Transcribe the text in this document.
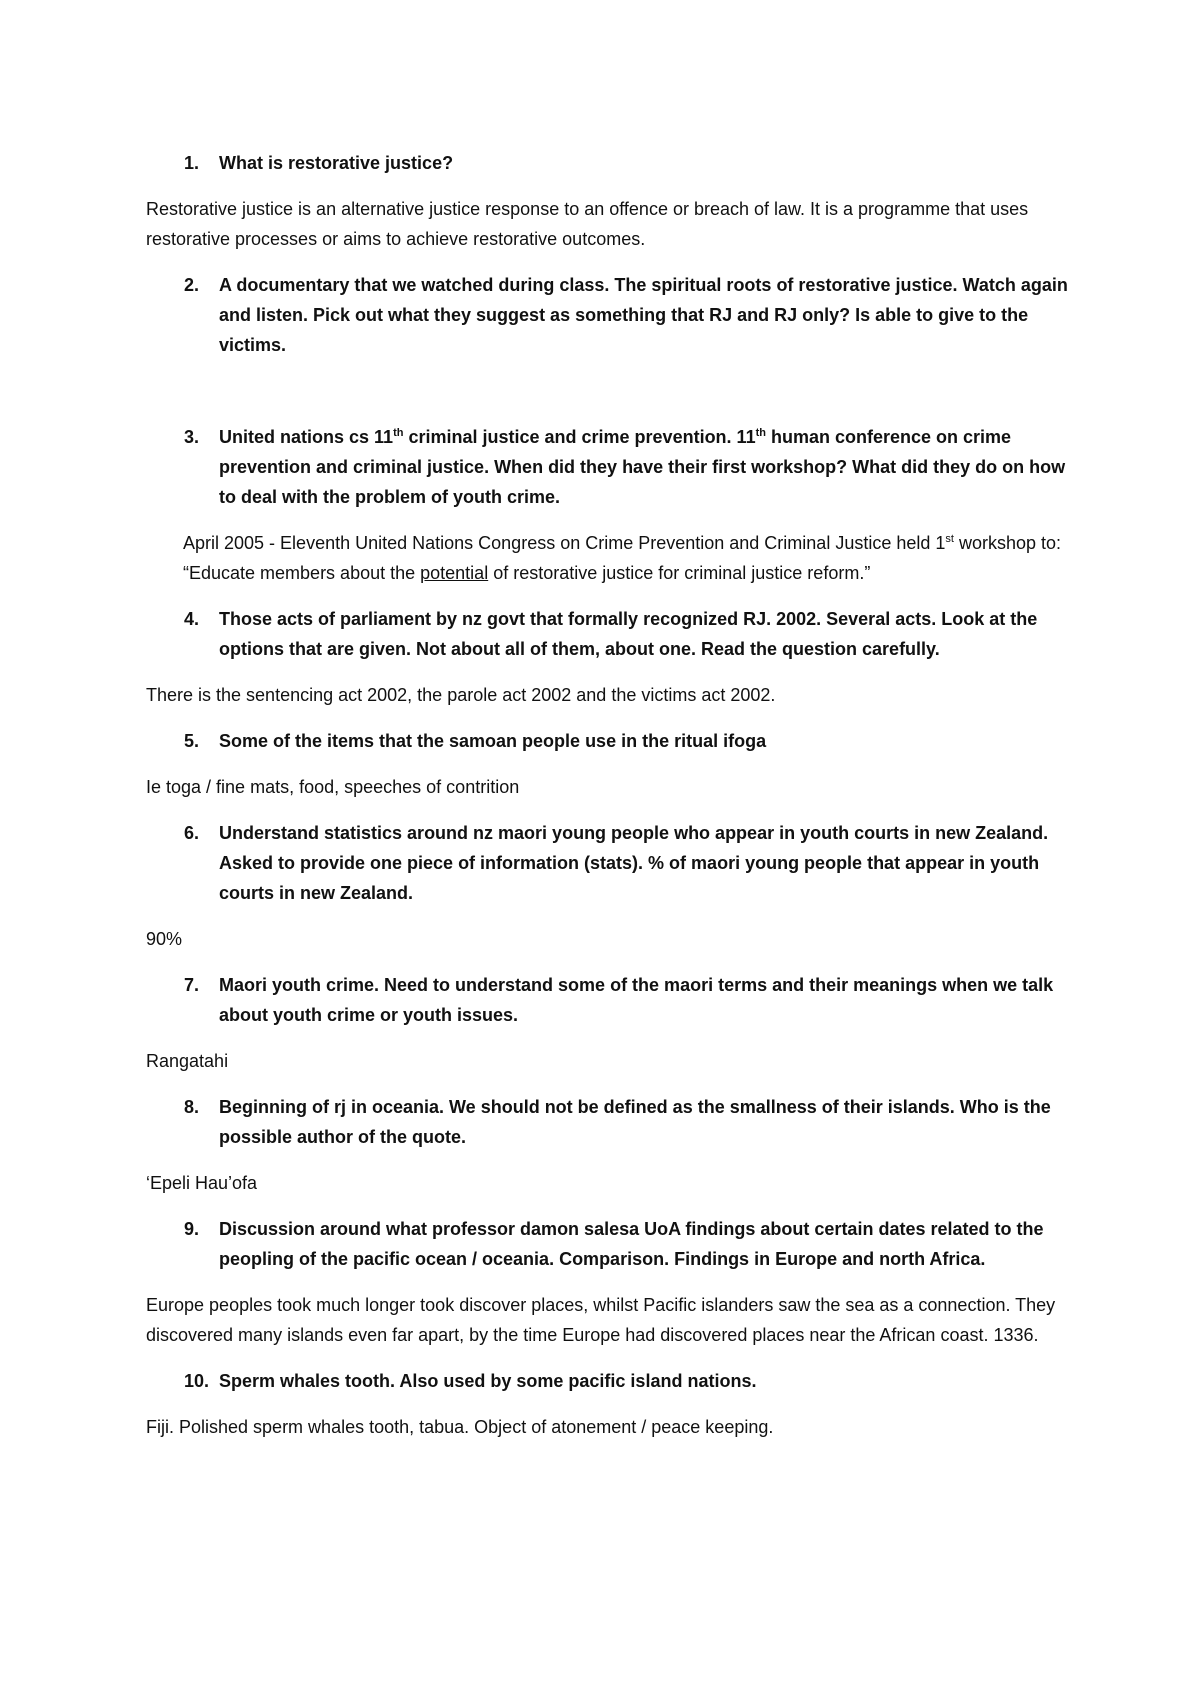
1.	What is restorative justice?
Restorative justice is an alternative justice response to an offence or breach of law. It is a programme that uses restorative processes or aims to achieve restorative outcomes.
2.	A documentary that we watched during class. The spiritual roots of restorative justice. Watch again and listen. Pick out what they suggest as something that RJ and RJ only? Is able to give to the victims.
3.	United nations cs 11th criminal justice and crime prevention. 11th human conference on crime prevention and criminal justice. When did they have their first workshop? What did they do on how to deal with the problem of youth crime.
April 2005 - Eleventh United Nations Congress on Crime Prevention and Criminal Justice held 1st workshop to: “Educate members about the potential of restorative justice for criminal justice reform.”
4.	Those acts of parliament by nz govt that formally recognized RJ. 2002. Several acts. Look at the options that are given. Not about all of them, about one. Read the question carefully.
There is the sentencing act 2002, the parole act 2002 and the victims act 2002.
5.	Some of the items that the samoan people use in the ritual ifoga
Ie toga / fine mats, food, speeches of contrition
6.	Understand statistics around nz maori young people who appear in youth courts in new Zealand. Asked to provide one piece of information (stats). % of maori young people that appear in youth courts in new Zealand.
90%
7.	Maori youth crime. Need to understand some of the maori terms and their meanings when we talk about youth crime or youth issues.
Rangatahi
8.	Beginning of rj in oceania. We should not be defined as the smallness of their islands. Who is the possible author of the quote.
‘Epeli Hau’ofa
9.	Discussion around what professor damon salesa UoA findings about certain dates related to the peopling of the pacific ocean / oceania. Comparison. Findings in Europe and north Africa.
Europe peoples took much longer took discover places, whilst Pacific islanders saw the sea as a connection. They discovered many islands even far apart, by the time Europe had discovered places near the African coast. 1336.
10. Sperm whales tooth. Also used by some pacific island nations.
Fiji. Polished sperm whales tooth, tabua. Object of atonement / peace keeping.
